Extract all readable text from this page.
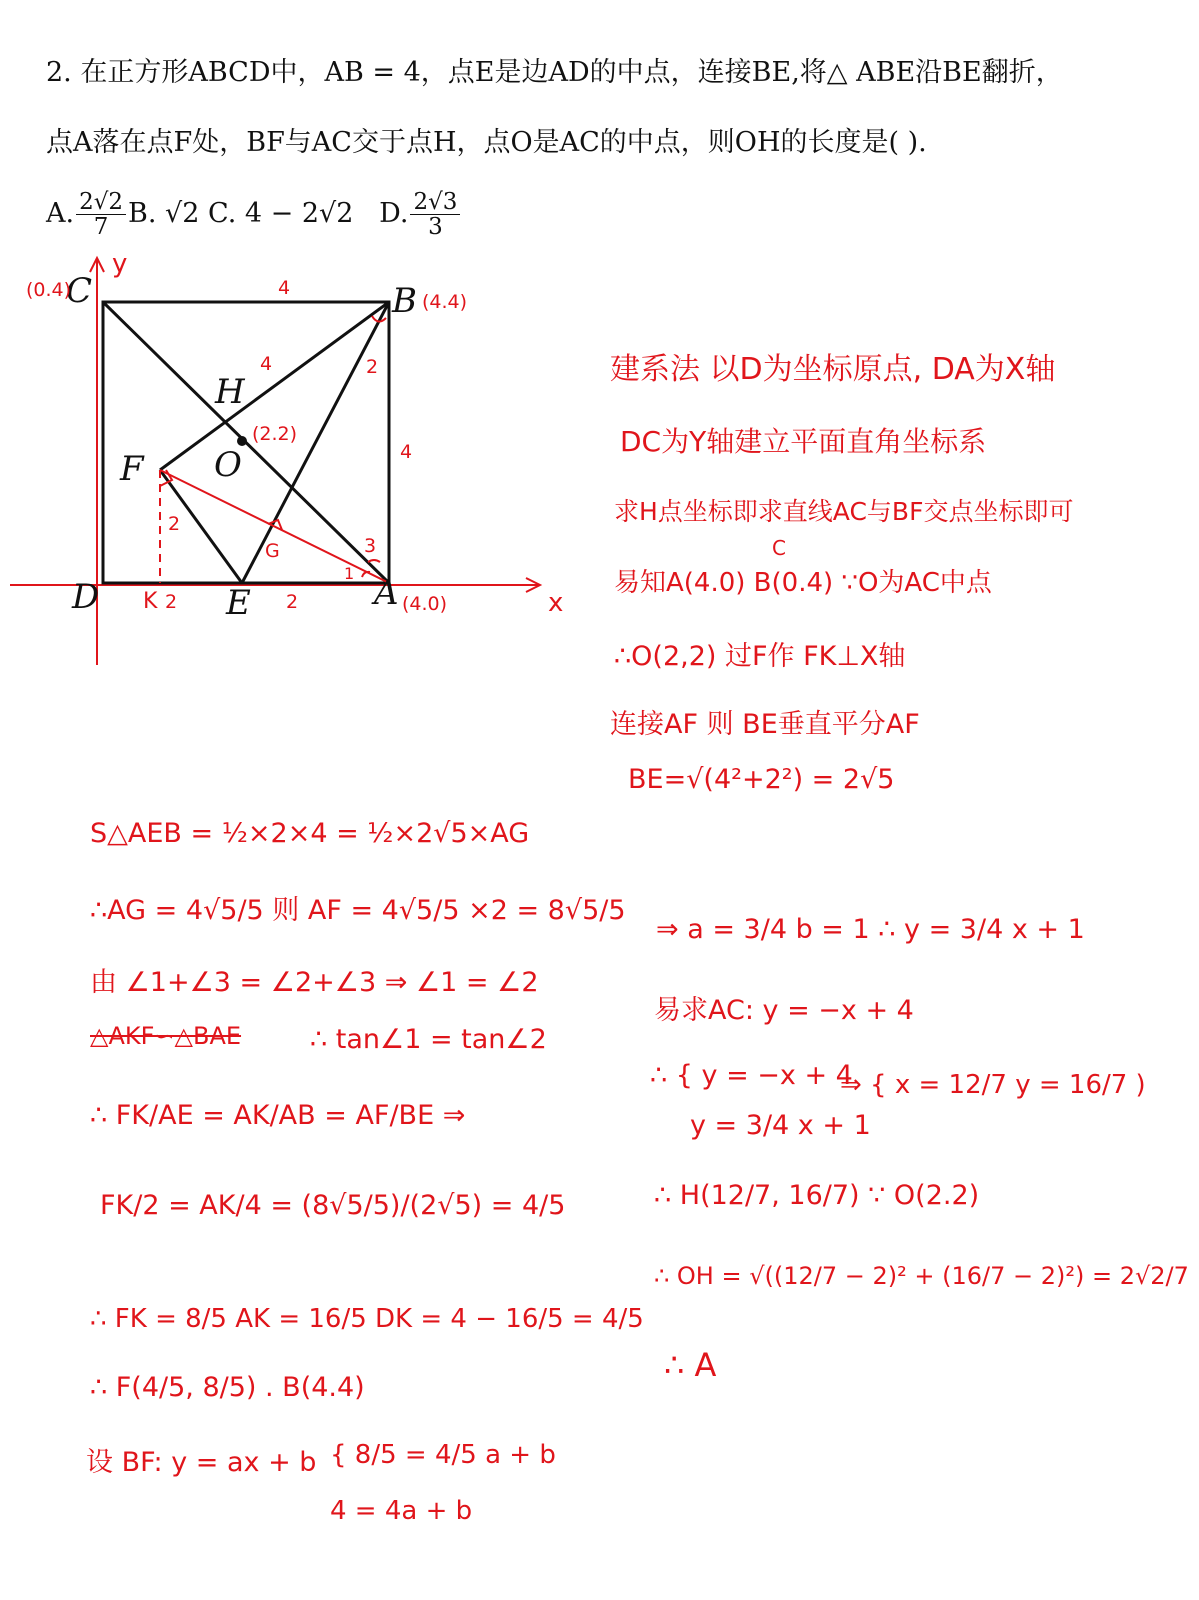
2. 在正方形ABCD中，AB = 4，点E是边AD的中点，连接BE,将△ ABE沿BE翻折，
点A落在点F处，BF与AC交于点H，点O是AC的中点，则OH的长度是( ).
A. $\frac{2√2}{7} B$. √2 C. 4 − 2√2 D. $\frac{2√3}{3}$
x
y
C	B
D	A
E
F
H
O
G
K
(0.4)
(4.4)
(4.0)
(2.2)
4
4
4
2
2
2
2
3
1
建系法 以D为坐标原点, DA为X轴
DC为Y轴建立平面直角坐标系
求H点坐标即求直线AC与BF交点坐标即可
C
易知A(4.0) B(0.4) ∵O为AC中点
∴O(2,2) 过F作 FK⊥X轴
连接AF 则 BE垂直平分AF
BE=√(4²+2²) = 2√5
S△AEB = ½×2×4 = ½×2√5×AG
∴AG = 4√5/5 则 AF = 4√5/5 ×2 = 8√5/5
由 ∠1+∠3 = ∠2+∠3 ⇒ ∠1 = ∠2
△AKF∽△BAE	∴ tan∠1 = tan∠2
∴ FK/AE = AK/AB = AF/BE ⇒
FK/2 = AK/4 = (8√5/5)/(2√5) = 4/5
∴ FK = 8/5 AK = 16/5 DK = 4 − 16/5 = 4/5
∴ F(4/5, 8/5) . B(4.4)
设 BF: y = ax + b { 8/5 = 4/5 a + b
4 = 4a + b
⇒ a = 3/4 b = 1 ∴ y = 3/4 x + 1
易求AC: y = −x + 4
∴ { y = −x + 4
y = 3/4 x + 1
⇒ { x = 12/7 y = 16/7 )
∴ H(12/7, 16/7) ∵ O(2.2)
∴ OH = √((12/7 − 2)² + (16/7 − 2)²) = 2√2/7
∴ A
